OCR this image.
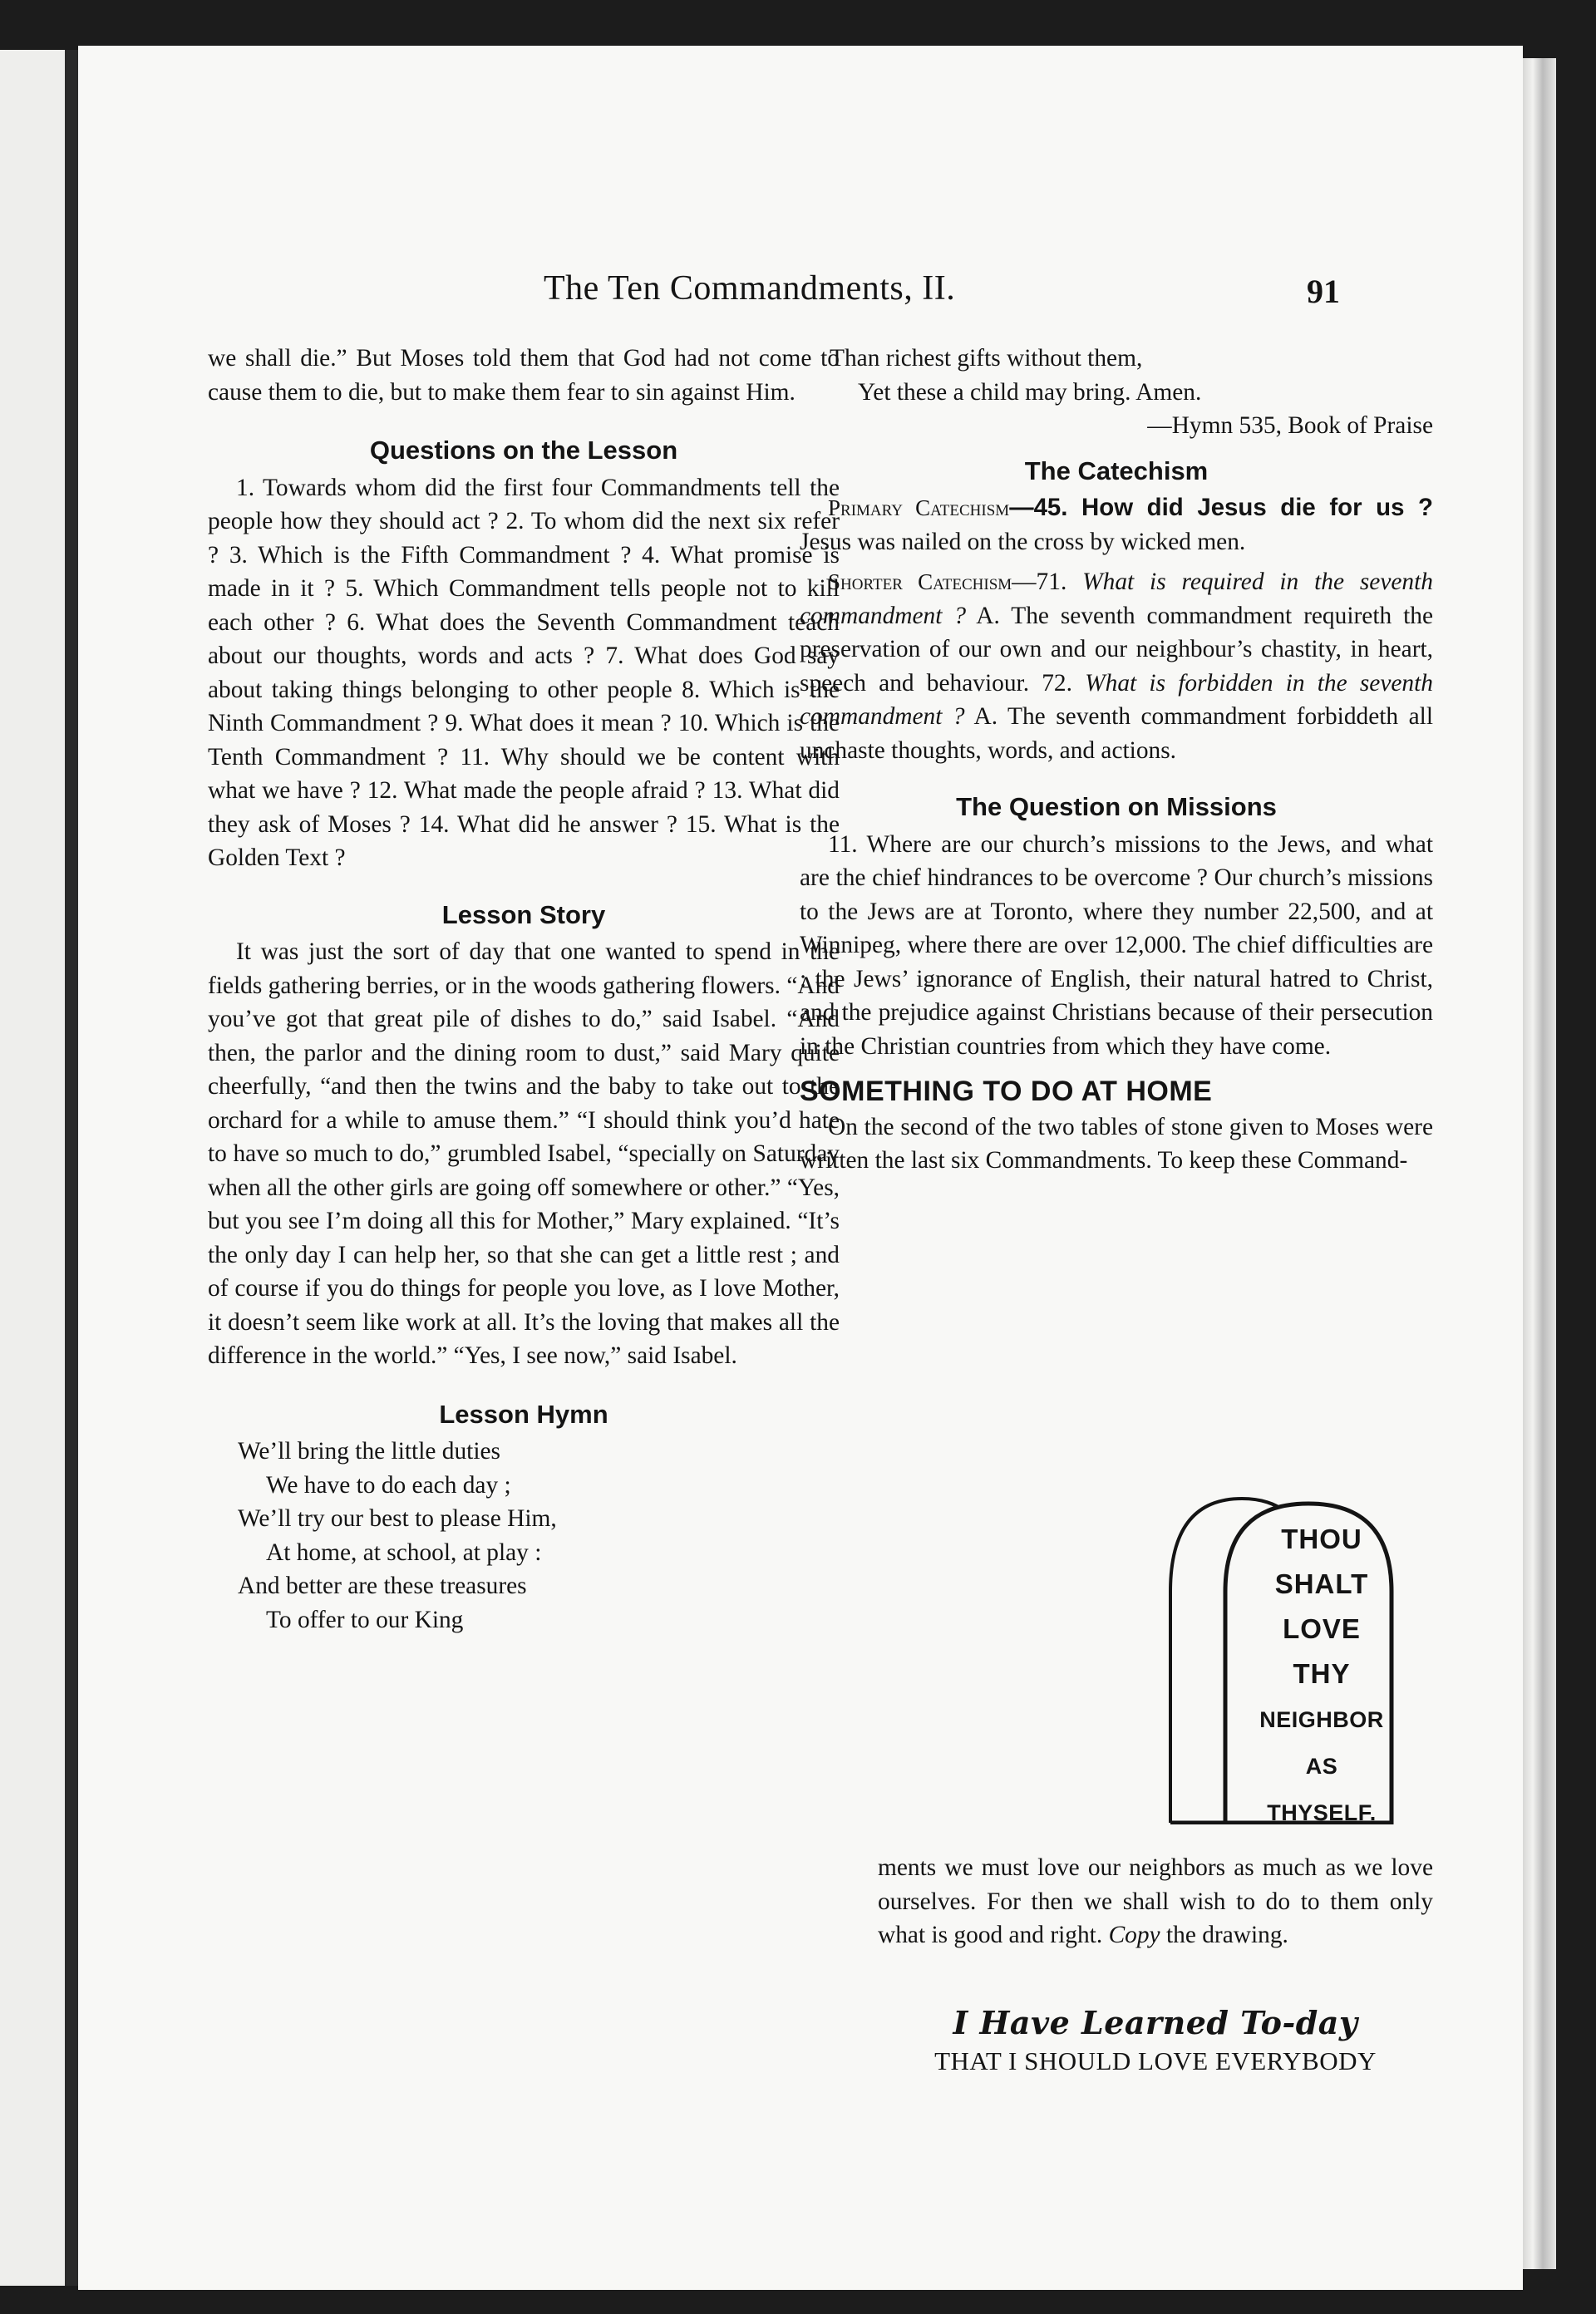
The Ten Commandments, II.	91

we shall die.” But Moses told them that God had not come to cause them to die, but to make them fear to sin against Him.

Questions on the Lesson

1. Towards whom did the first four Commandments tell the people how they should act ? 2. To whom did the next six refer ? 3. Which is the Fifth Commandment ? 4. What promise is made in it ? 5. Which Commandment tells people not to kill each other ? 6. What does the Seventh Commandment teach about our thoughts, words and acts ? 7. What does God say about taking things belonging to other people 8. Which is the Ninth Commandment ? 9. What does it mean ? 10. Which is the Tenth Commandment ? 11. Why should we be content with what we have ? 12. What made the people afraid ? 13. What did they ask of Moses ? 14. What did he answer ? 15. What is the Golden Text ?

Lesson Story

It was just the sort of day that one wanted to spend in the fields gathering berries, or in the woods gathering flowers. “And you’ve got that great pile of dishes to do,” said Isabel. “And then, the parlor and the dining room to dust,” said Mary quite cheerfully, “and then the twins and the baby to take out to the orchard for a while to amuse them.” “I should think you’d hate to have so much to do,” grumbled Isabel, “specially on Saturday when all the other girls are going off somewhere or other.” “Yes, but you see I’m doing all this for Mother,” Mary explained. “It’s the only day I can help her, so that she can get a little rest ; and of course if you do things for people you love, as I love Mother, it doesn’t seem like work at all. It’s the loving that makes all the difference in the world.” “Yes, I see now,” said Isabel.

Lesson Hymn

We’ll bring the little duties

We have to do each day ;

We’ll try our best to please Him,

At home, at school, at play :

And better are these treasures

To offer to our King

Than richest gifts without them,

Yet these a child may bring. Amen.

—Hymn 535, Book of Praise

The Catechism

Primary Catechism—45. How did Jesus die for us ? Jesus was nailed on the cross by wicked men.

Shorter Catechism—71. What is required in the seventh commandment ? A. The seventh commandment requireth the preservation of our own and our neighbour’s chastity, in heart, speech and behaviour. 72. What is forbidden in the seventh commandment ? A. The seventh commandment forbiddeth all unchaste thoughts, words, and actions.

The Question on Missions

11. Where are our church’s missions to the Jews, and what are the chief hindrances to be overcome ? Our church’s missions to the Jews are at Toronto, where they number 22,500, and at Winnipeg, where there are over 12,000. The chief difficulties are : the Jews’ ignorance of English, their natural hatred to Christ, and the prejudice against Christians because of their persecution in the Christian countries from which they have come.

SOMETHING TO DO AT HOME

On the second of the two tables of stone given to Moses were written the last six Commandments. To keep these Command-

THOU
SHALT
LOVE
THY
NEIGHBOR
AS
THYSELF.

ments we must love our neighbors as much as we love ourselves. For then we shall wish to do to them only what is good and right. Copy the drawing.

I Have Learned To-day
THAT I SHOULD LOVE EVERYBODY
